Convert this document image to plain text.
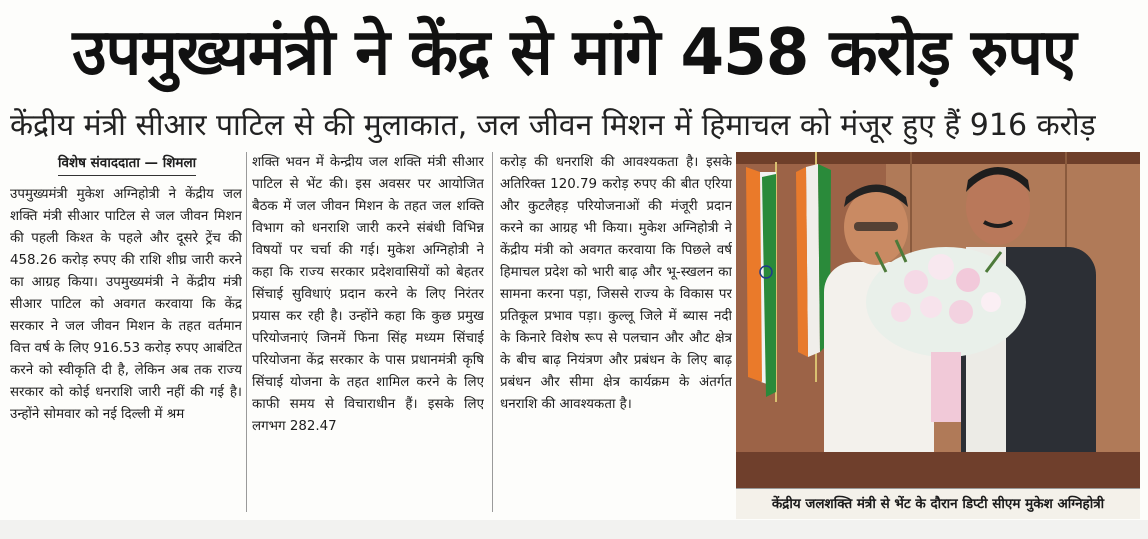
उपमुख्यमंत्री ने केंद्र से मांगे 458 करोड़ रुपए
केंद्रीय मंत्री सीआर पाटिल से की मुलाकात, जल जीवन मिशन में हिमाचल को मंजूर हुए हैं 916 करोड़
विशेष संवाददाता — शिमला
उपमुख्यमंत्री मुकेश अग्निहोत्री ने केंद्रीय जल शक्ति मंत्री सीआर पाटिल से जल जीवन मिशन की पहली किश्त के पहले और दूसरे ट्रेंच की 458.26 करोड़ रुपए की राशि शीघ्र जारी करने का आग्रह किया। उपमुख्यमंत्री ने केंद्रीय मंत्री सीआर पाटिल को अवगत करवाया कि केंद्र सरकार ने जल जीवन मिशन के तहत वर्तमान वित्त वर्ष के लिए 916.53 करोड़ रुपए आबंटित करने को स्वीकृति दी है, लेकिन अब तक राज्य सरकार को कोई धनराशि जारी नहीं की गई है। उन्होंने सोमवार को नई दिल्ली में श्रम
शक्ति भवन में केन्द्रीय जल शक्ति मंत्री सीआर पाटिल से भेंट की। इस अवसर पर आयोजित बैठक में जल जीवन मिशन के तहत जल शक्ति विभाग को धनराशि जारी करने संबंधी विभिन्न विषयों पर चर्चा की गई। मुकेश अग्निहोत्री ने कहा कि राज्य सरकार प्रदेशवासियों को बेहतर सिंचाई सुविधाएं प्रदान करने के लिए निरंतर प्रयास कर रही है। उन्होंने कहा कि कुछ प्रमुख परियोजनाएं जिनमें फिना सिंह मध्यम सिंचाई परियोजना केंद्र सरकार के पास प्रधानमंत्री कृषि सिंचाई योजना के तहत शामिल करने के लिए काफी समय से विचाराधीन हैं। इसके लिए लगभग 282.47
करोड़ की धनराशि की आवश्यकता है। इसके अतिरिक्त 120.79 करोड़ रुपए की बीत एरिया और कुटलैहड़ परियोजनाओं की मंजूरी प्रदान करने का आग्रह भी किया। मुकेश अग्निहोत्री ने केंद्रीय मंत्री को अवगत करवाया कि पिछले वर्ष हिमाचल प्रदेश को भारी बाढ़ और भू-स्खलन का सामना करना पड़ा, जिससे राज्य के विकास पर प्रतिकूल प्रभाव पड़ा। कुल्लू जिले में ब्यास नदी के किनारे विशेष रूप से पलचान और औट क्षेत्र के बीच बाढ़ नियंत्रण और प्रबंधन के लिए बाढ़ प्रबंधन और सीमा क्षेत्र कार्यक्रम के अंतर्गत धनराशि की आवश्यकता है।
केंद्रीय जलशक्ति मंत्री से भेंट के दौरान डिप्टी सीएम मुकेश अग्निहोत्री
